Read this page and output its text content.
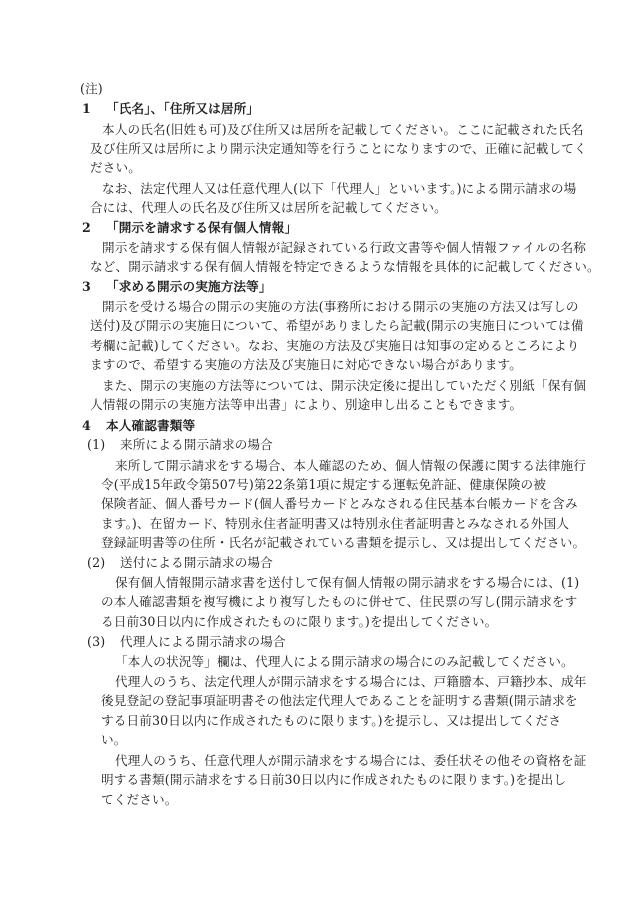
(注)
1 「氏名」、「住所又は居所」
本人の氏名(旧姓も可)及び住所又は居所を記載してください。ここに記載された氏名
及び住所又は居所により開示決定通知等を行うことになりますので、正確に記載してく
ださい。
なお、法定代理人又は任意代理人(以下「代理人」といいます。)による開示請求の場
合には、代理人の氏名及び住所又は居所を記載してください。
2 「開示を請求する保有個人情報」
開示を請求する保有個人情報が記録されている行政文書等や個人情報ファイルの名称
など、開示請求する保有個人情報を特定できるような情報を具体的に記載してください。
3 「求める開示の実施方法等」
開示を受ける場合の開示の実施の方法(事務所における開示の実施の方法又は写しの
送付)及び開示の実施日について、希望がありましたら記載(開示の実施日については備
考欄に記載)してください。なお、実施の方法及び実施日は知事の定めるところにより
ますので、希望する実施の方法及び実施日に対応できない場合があります。
また、開示の実施の方法等については、開示決定後に提出していただく別紙「保有個
人情報の開示の実施方法等申出書」により、別途申し出ることもできます。
4 本人確認書類等
(1) 来所による開示請求の場合
来所して開示請求をする場合、本人確認のため、個人情報の保護に関する法律施行
令(平成15年政令第507号)第22条第1項に規定する運転免許証、健康保険の被
保険者証、個人番号カード(個人番号カードとみなされる住民基本台帳カードを含み
ます。)、在留カード、特別永住者証明書又は特別永住者証明書とみなされる外国人
登録証明書等の住所・氏名が記載されている書類を提示し、又は提出してください。
(2) 送付による開示請求の場合
保有個人情報開示請求書を送付して保有個人情報の開示請求をする場合には、(1)
の本人確認書類を複写機により複写したものに併せて、住民票の写し(開示請求をす
る日前30日以内に作成されたものに限ります。)を提出してください。
(3) 代理人による開示請求の場合
「本人の状況等」欄は、代理人による開示請求の場合にのみ記載してください。
代理人のうち、法定代理人が開示請求をする場合には、戸籍謄本、戸籍抄本、成年
後見登記の登記事項証明書その他法定代理人であることを証明する書類(開示請求を
する日前30日以内に作成されたものに限ります。)を提示し、又は提出してくださ
い。
代理人のうち、任意代理人が開示請求をする場合には、委任状その他その資格を証
明する書類(開示請求をする日前30日以内に作成されたものに限ります。)を提出し
てください。
